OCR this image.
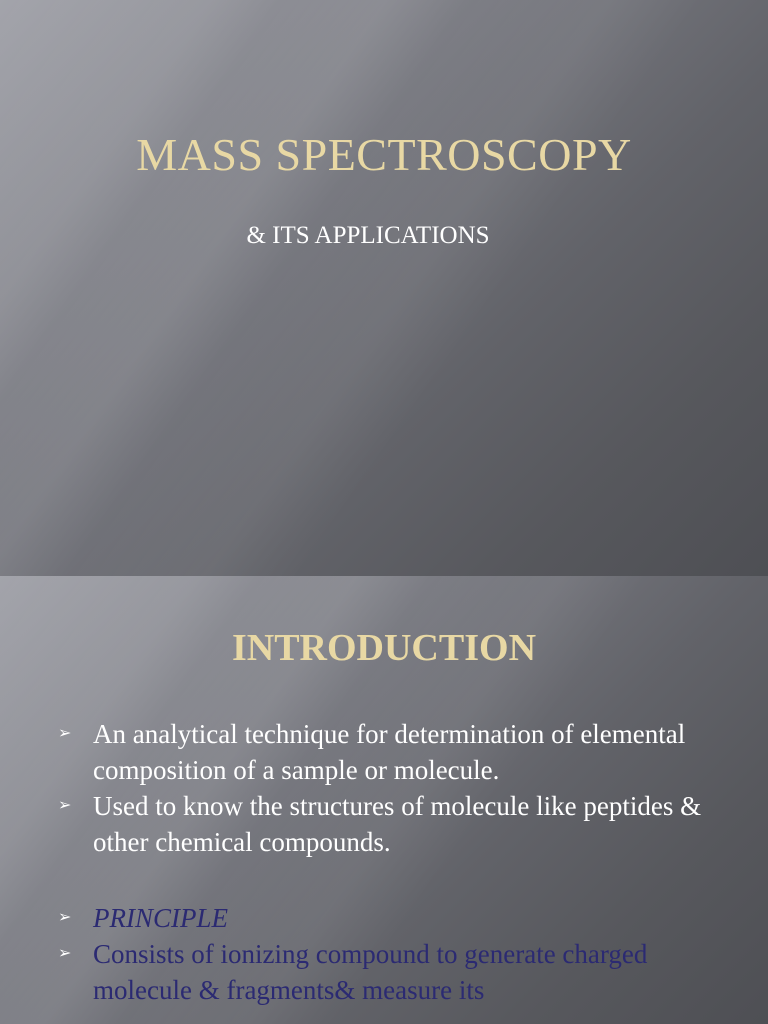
MASS SPECTROSCOPY

& ITS APPLICATIONS

INTRODUCTION
➢ An analytical technique for determination of elemental composition of a sample or molecule.
➢ Used to know the structures of molecule like peptides & other chemical compounds.
➢ PRINCIPLE
➢ Consists of ionizing compound to generate charged molecule & fragments& measure its
